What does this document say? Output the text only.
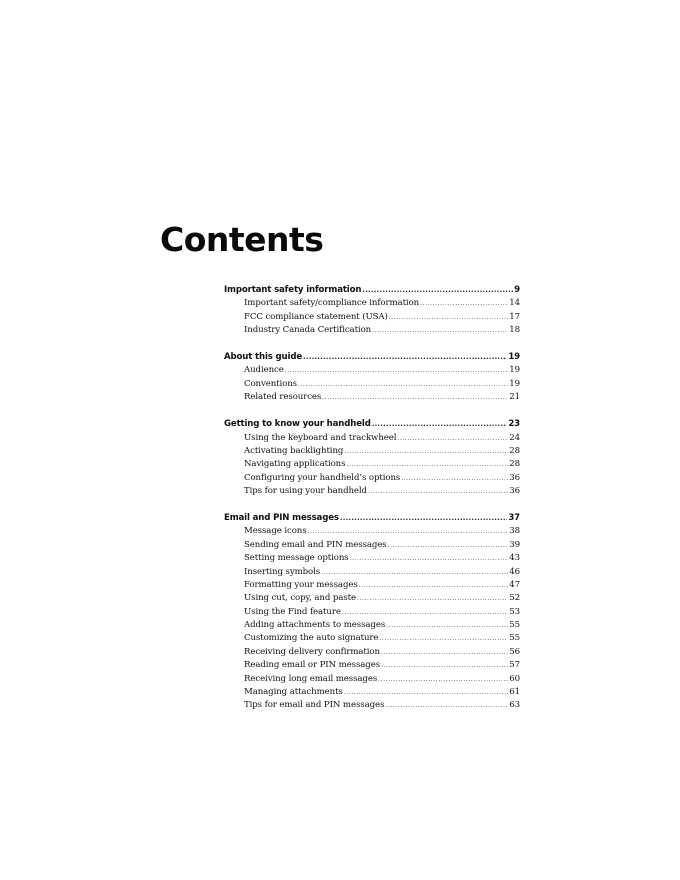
Contents
Important safety information .....	9
Important safety/compliance information .....	14
FCC compliance statement (USA) .....	17
Industry Canada Certification .....	18
About this guide .....	19
Audience .....	19
Conventions .....	19
Related resources .....	21
Getting to know your handheld .....	23
Using the keyboard and trackwheel .....	24
Activating backlighting .....	28
Navigating applications .....	28
Configuring your handheld’s options .....	36
Tips for using your handheld .....	36
Email and PIN messages .....	37
Message icons .....	38
Sending email and PIN messages .....	39
Setting message options .....	43
Inserting symbols .....	46
Formatting your messages .....	47
Using cut, copy, and paste .....	52
Using the Find feature .....	53
Adding attachments to messages .....	55
Customizing the auto signature .....	55
Receiving delivery confirmation .....	56
Reading email or PIN messages .....	57
Receiving long email messages .....	60
Managing attachments .....	61
Tips for email and PIN messages .....	63
